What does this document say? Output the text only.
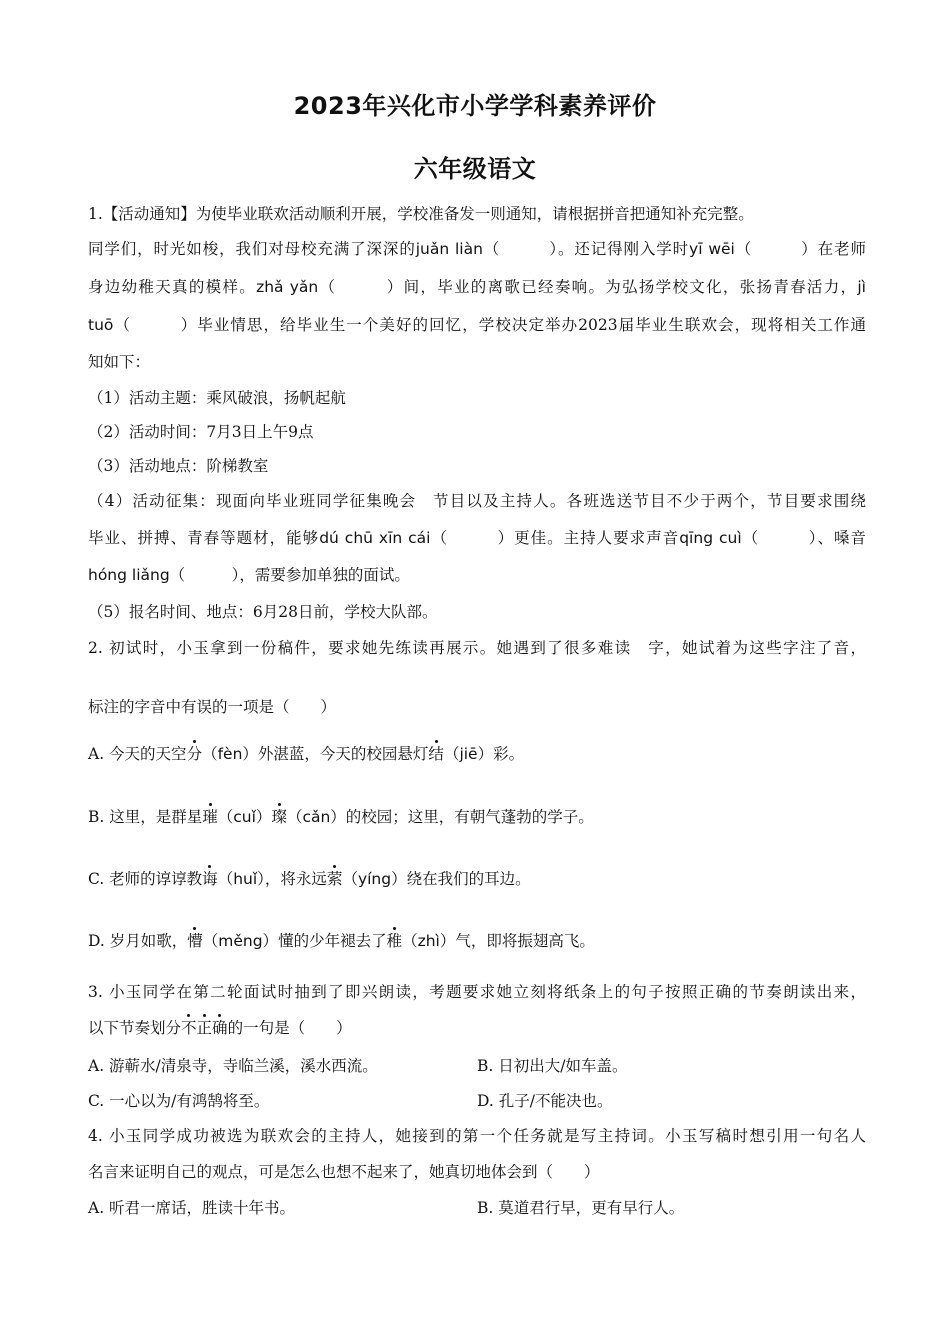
2023年兴化市小学学科素养评价
六年级语文
1.【活动通知】为使毕业联欢活动顺利开展，学校准备发一则通知，请根据拼音把通知补充完整。
同学们，时光如梭，我们对母校充满了深深的juǎn liàn（　　　）。还记得刚入学时yī wēi（　　　）在老师
身边幼稚天真的模样。zhǎ yǎn（　　　）间，毕业的离歌已经奏响。为弘扬学校文化，张扬青春活力，jì
tuō（　　　）毕业情思，给毕业生一个美好的回忆，学校决定举办2023届毕业生联欢会，现将相关工作通
知如下：
（1）活动主题：乘风破浪，扬帆起航
（2）活动时间：7月3日上午9点
（3）活动地点：阶梯教室
（4）活动征集：现面向毕业班同学征集晚会　节目以及主持人。各班选送节目不少于两个，节目要求围绕
毕业、拼搏、青春等题材，能够dú chū xīn cái（　　　）更佳。主持人要求声音qīng cuì（　　　）、嗓音
hóng liǎng（　　　），需要参加单独的面试。
（5）报名时间、地点：6月28日前，学校大队部。
2. 初试时，小玉拿到一份稿件，要求她先练读再展示。她遇到了很多难读　字，她试着为这些字注了音，
标注的字音中有误的一项是（　　）
A. 今天的天空分（fèn）外湛蓝，今天的校园悬灯结（jiē）彩。
B. 这里，是群星璀（cuǐ）璨（cǎn）的校园；这里，有朝气蓬勃的学子。
C. 老师的谆谆教诲（huǐ），将永远萦（yíng）绕在我们的耳边。
D. 岁月如歌，懵（měng）懂的少年褪去了稚（zhì）气，即将振翅高飞。
3. 小玉同学在第二轮面试时抽到了即兴朗读，考题要求她立刻将纸条上的句子按照正确的节奏朗读出来，
以下节奏划分不正确的一句是（　　）
A. 游蕲水/清泉寺，寺临兰溪，溪水西流。	B. 日初出大/如车盖。
C. 一心以为/有鸿鹄将至。	D. 孔子/不能决也。
4. 小玉同学成功被选为联欢会的主持人，她接到的第一个任务就是写主持词。小玉写稿时想引用一句名人
名言来证明自己的观点，可是怎么也想不起来了，她真切地体会到（　　）
A. 听君一席话，胜读十年书。	B. 莫道君行早，更有早行人。
